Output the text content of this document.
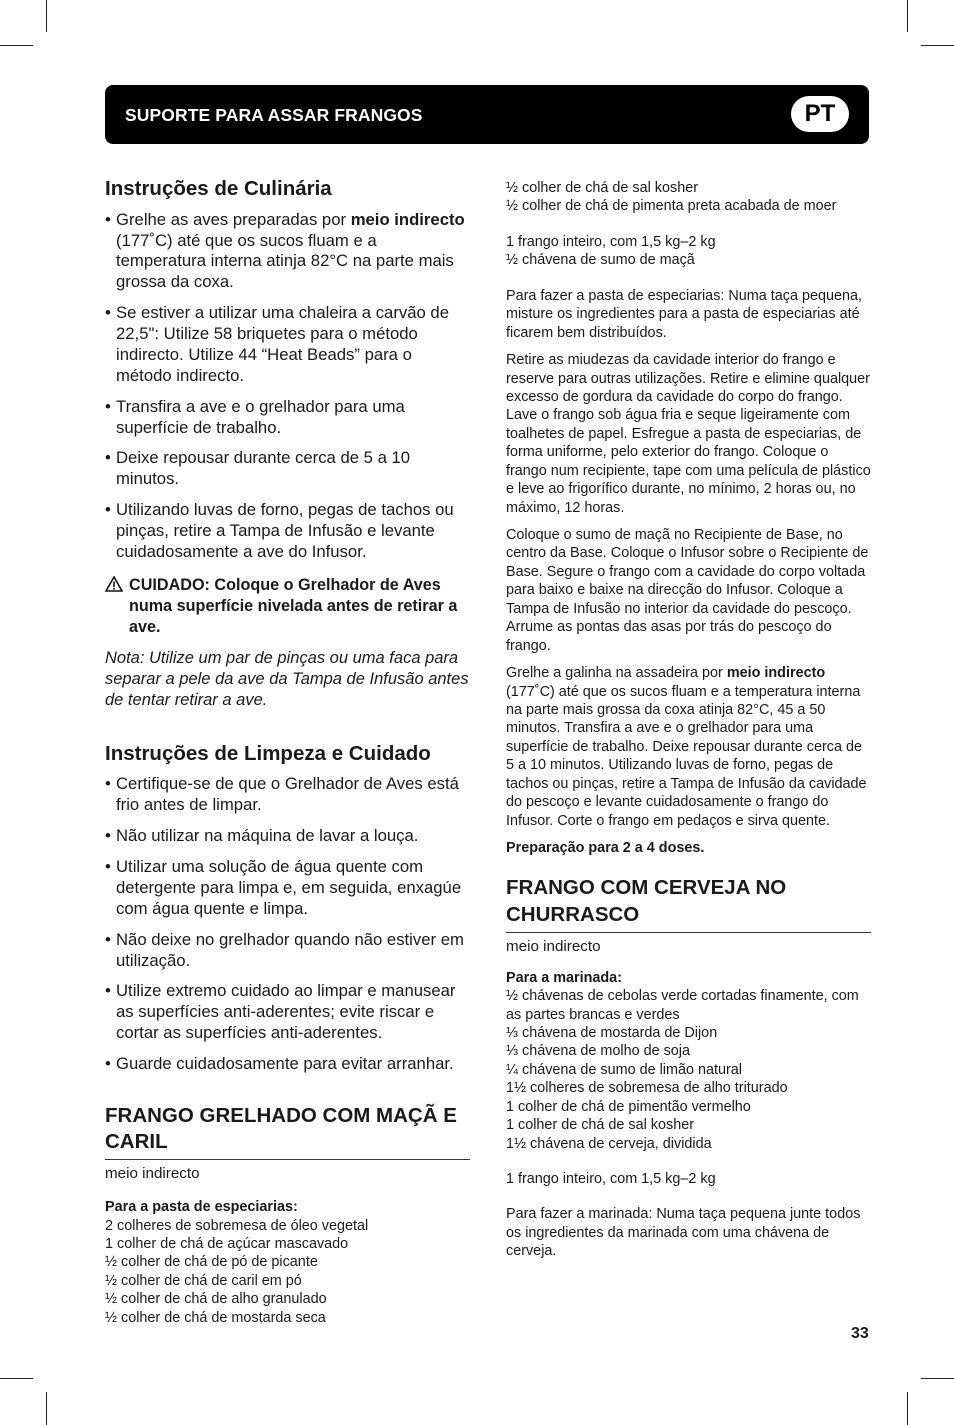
SUPORTE PARA ASSAR FRANGOS	PT
Instruções de Culinária
• Grelhe as aves preparadas por meio indirecto (177˚C) até que os sucos fluam e a temperatura interna atinja 82°C na parte mais grossa da coxa.
• Se estiver a utilizar uma chaleira a carvão de 22,5": Utilize 58 briquetes para o método indirecto. Utilize 44 “Heat Beads” para o método indirecto.
• Transfira a ave e o grelhador para uma superfície de trabalho.
• Deixe repousar durante cerca de 5 a 10 minutos.
• Utilizando luvas de forno, pegas de tachos ou pinças, retire a Tampa de Infusão e levante cuidadosamente a ave do Infusor.
CUIDADO: Coloque o Grelhador de Aves numa superfície nivelada antes de retirar a ave.

Nota: Utilize um par de pinças ou uma faca para separar a pele da ave da Tampa de Infusão antes de tentar retirar a ave.

Instruções de Limpeza e Cuidado
• Certifique-se de que o Grelhador de Aves está frio antes de limpar.
• Não utilizar na máquina de lavar a louça.
• Utilizar uma solução de água quente com detergente para limpa e, em seguida, enxagúe com água quente e limpa.
• Não deixe no grelhador quando não estiver em utilização.
• Utilize extremo cuidado ao limpar e manusear as superfícies anti-aderentes; evite riscar e cortar as superfícies anti-aderentes.
• Guarde cuidadosamente para evitar arranhar.
FRANGO GRELHADO COM MAÇÃ E CARIL

meio indirecto

Para a pasta de especiarias:

2 colheres de sobremesa de óleo vegetal
1 colher de chá de açúcar mascavado
½ colher de chá de pó de picante
½ colher de chá de caril em pó
½ colher de chá de alho granulado
½ colher de chá de mostarda seca
½ colher de chá de sal kosher
½ colher de chá de pimenta preta acabada de moer
1 frango inteiro, com 1,5 kg–2 kg
½ chávena de sumo de maçã

Para fazer a pasta de especiarias: Numa taça pequena, misture os ingredientes para a pasta de especiarias até ficarem bem distribuídos.

Retire as miudezas da cavidade interior do frango e reserve para outras utilizações. Retire e elimine qualquer excesso de gordura da cavidade do corpo do frango. Lave o frango sob água fria e seque ligeiramente com toalhetes de papel. Esfregue a pasta de especiarias, de forma uniforme, pelo exterior do frango. Coloque o frango num recipiente, tape com uma película de plástico e leve ao frigorífico durante, no mínimo, 2 horas ou, no máximo, 12 horas.

Coloque o sumo de maçã no Recipiente de Base, no centro da Base. Coloque o Infusor sobre o Recipiente de Base. Segure o frango com a cavidade do corpo voltada para baixo e baixe na direcção do Infusor. Coloque a Tampa de Infusão no interior da cavidade do pescoço. Arrume as pontas das asas por trás do pescoço do frango.

Grelhe a galinha na assadeira por meio indirecto (177˚C) até que os sucos fluam e a temperatura interna na parte mais grossa da coxa atinja 82°C, 45 a 50 minutos. Transfira a ave e o grelhador para uma superfície de trabalho. Deixe repousar durante cerca de 5 a 10 minutos. Utilizando luvas de forno, pegas de tachos ou pinças, retire a Tampa de Infusão da cavidade do pescoço e levante cuidadosamente o frango do Infusor. Corte o frango em pedaços e sirva quente.

Preparação para 2 a 4 doses.

FRANGO COM CERVEJA NO CHURRASCO

meio indirecto

Para a marinada:

½ chávenas de cebolas verde cortadas finamente, com as partes brancas e verdes
⅓ chávena de mostarda de Dijon
⅓ chávena de molho de soja
¼ chávena de sumo de limão natural
1½ colheres de sobremesa de alho triturado
1 colher de chá de pimentão vermelho
1 colher de chá de sal kosher
1½ chávena de cerveja, dividida

1 frango inteiro, com 1,5 kg–2 kg

Para fazer a marinada: Numa taça pequena junte todos os ingredientes da marinada com uma chávena de cerveja.

33
